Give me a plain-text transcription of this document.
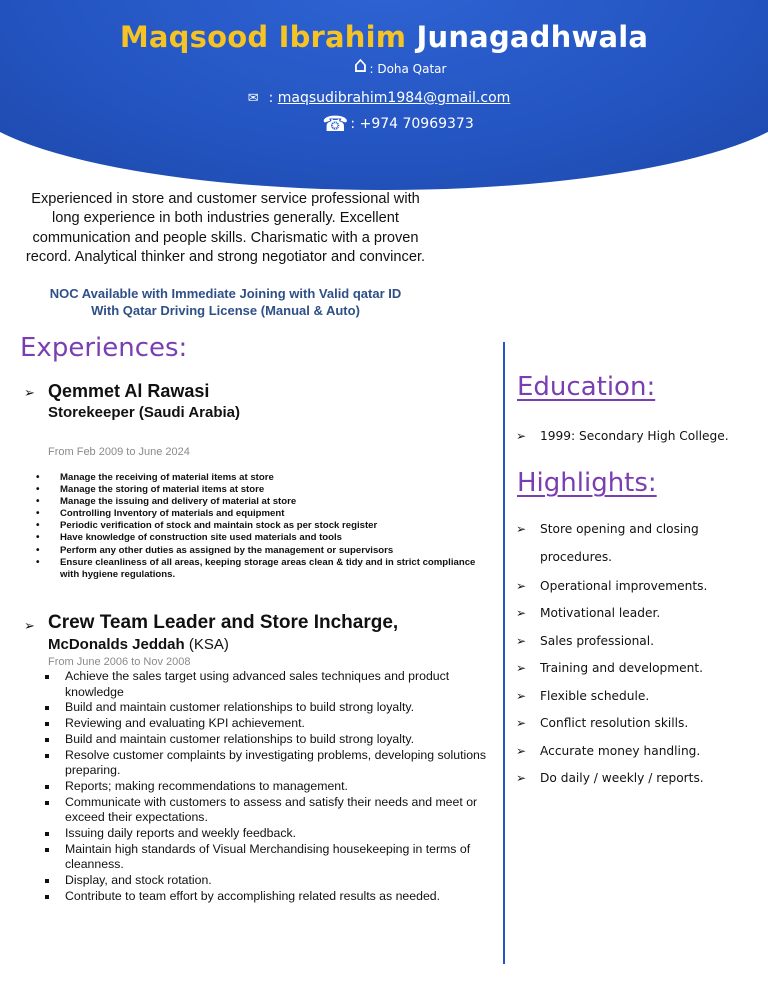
Maqsood Ibrahim Junagadhwala
⌂ : Doha Qatar
✉ : maqsudibrahim1984@gmail.com
☎ : +974 70969373
Experienced in store and customer service professional with long experience in both industries generally. Excellent communication and people skills. Charismatic with a proven record. Analytical thinker and strong negotiator and convincer.
NOC Available with Immediate Joining with Valid qatar ID
With Qatar Driving License (Manual & Auto)
Experiences:
➢ Qemmet Al Rawasi
Storekeeper (Saudi Arabia)
From Feb 2009 to June 2024
• Manage the receiving of material items at store
• Manage the storing of material items at store
• Manage the issuing and delivery of material at store
• Controlling Inventory of materials and equipment
• Periodic verification of stock and maintain stock as per stock register
• Have knowledge of construction site used materials and tools
• Perform any other duties as assigned by the management or supervisors
• Ensure cleanliness of all areas, keeping storage areas clean & tidy and in strict compliance with hygiene regulations.
➢ Crew Team Leader and Store Incharge,
McDonalds Jeddah (KSA)
From June 2006 to Nov 2008
Achieve the sales target using advanced sales techniques and product knowledge
Build and maintain customer relationships to build strong loyalty.
Reviewing and evaluating KPI achievement.
Build and maintain customer relationships to build strong loyalty.
Resolve customer complaints by investigating problems, developing solutions preparing.
Reports; making recommendations to management.
Communicate with customers to assess and satisfy their needs and meet or exceed their expectations.
Issuing daily reports and weekly feedback.
Maintain high standards of Visual Merchandising housekeeping in terms of cleanness.
Display, and stock rotation.
Contribute to team effort by accomplishing related results as needed.
Education:
➢ 1999: Secondary High College.
Highlights:
➢ Store opening and closing
procedures.
➢ Operational improvements.
➢ Motivational leader.
➢ Sales professional.
➢ Training and development.
➢ Flexible schedule.
➢ Conflict resolution skills.
➢ Accurate money handling.
➢ Do daily / weekly / reports.
